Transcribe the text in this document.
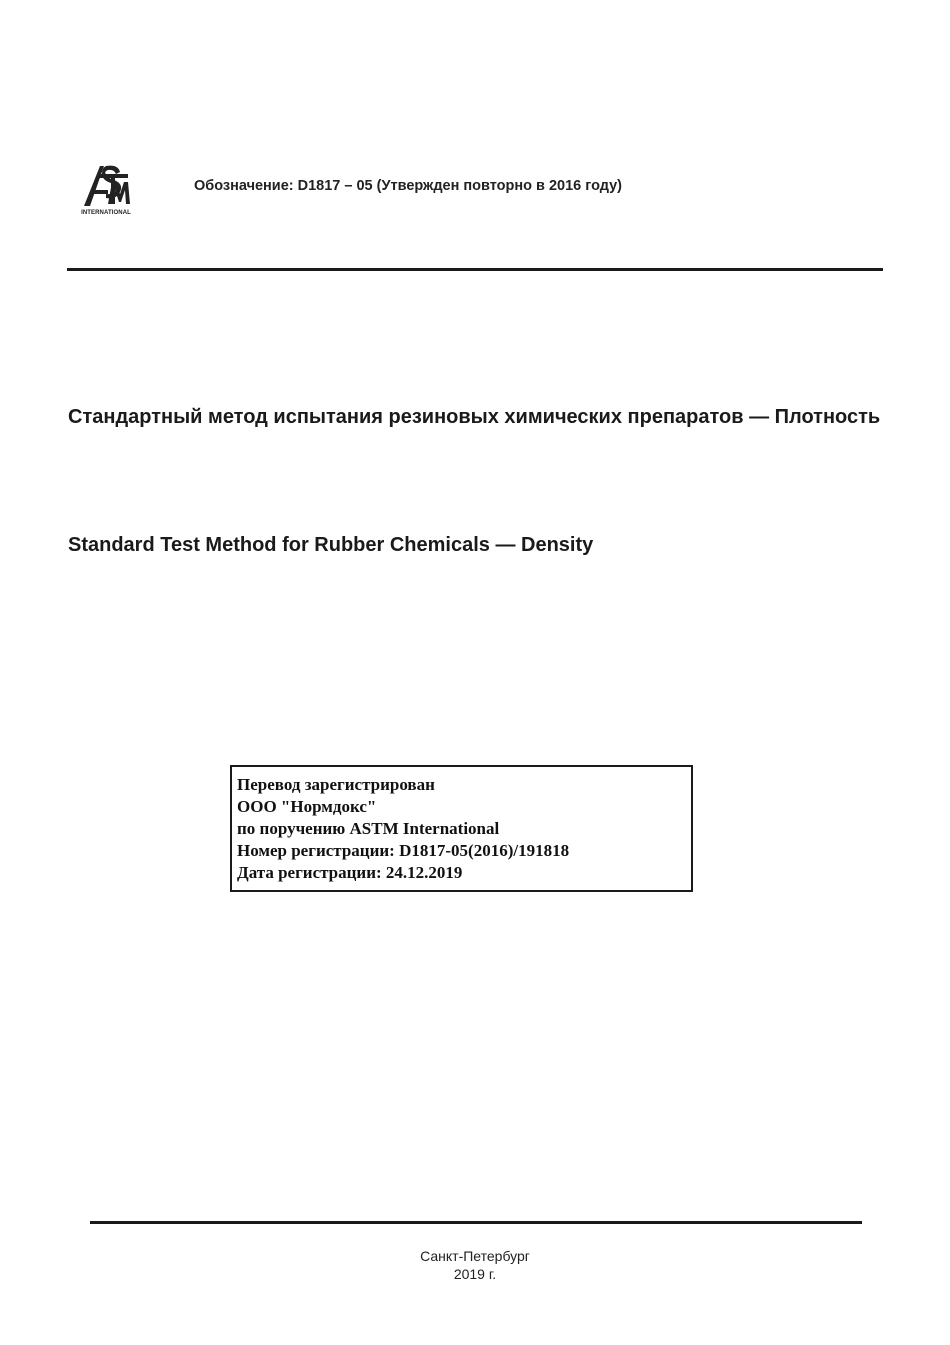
INTERNATIONAL
Обозначение: D1817 – 05 (Утвержден повторно в 2016 году)
Стандартный метод испытания резиновых химических препаратов — Плотность
Standard Test Method for Rubber Chemicals — Density
Перевод зарегистрирован
ООО "Нормдокс"
по поручению ASTM International
Номер регистрации: D1817-05(2016)/191818
Дата регистрации: 24.12.2019
Санкт-Петербург
2019 г.
